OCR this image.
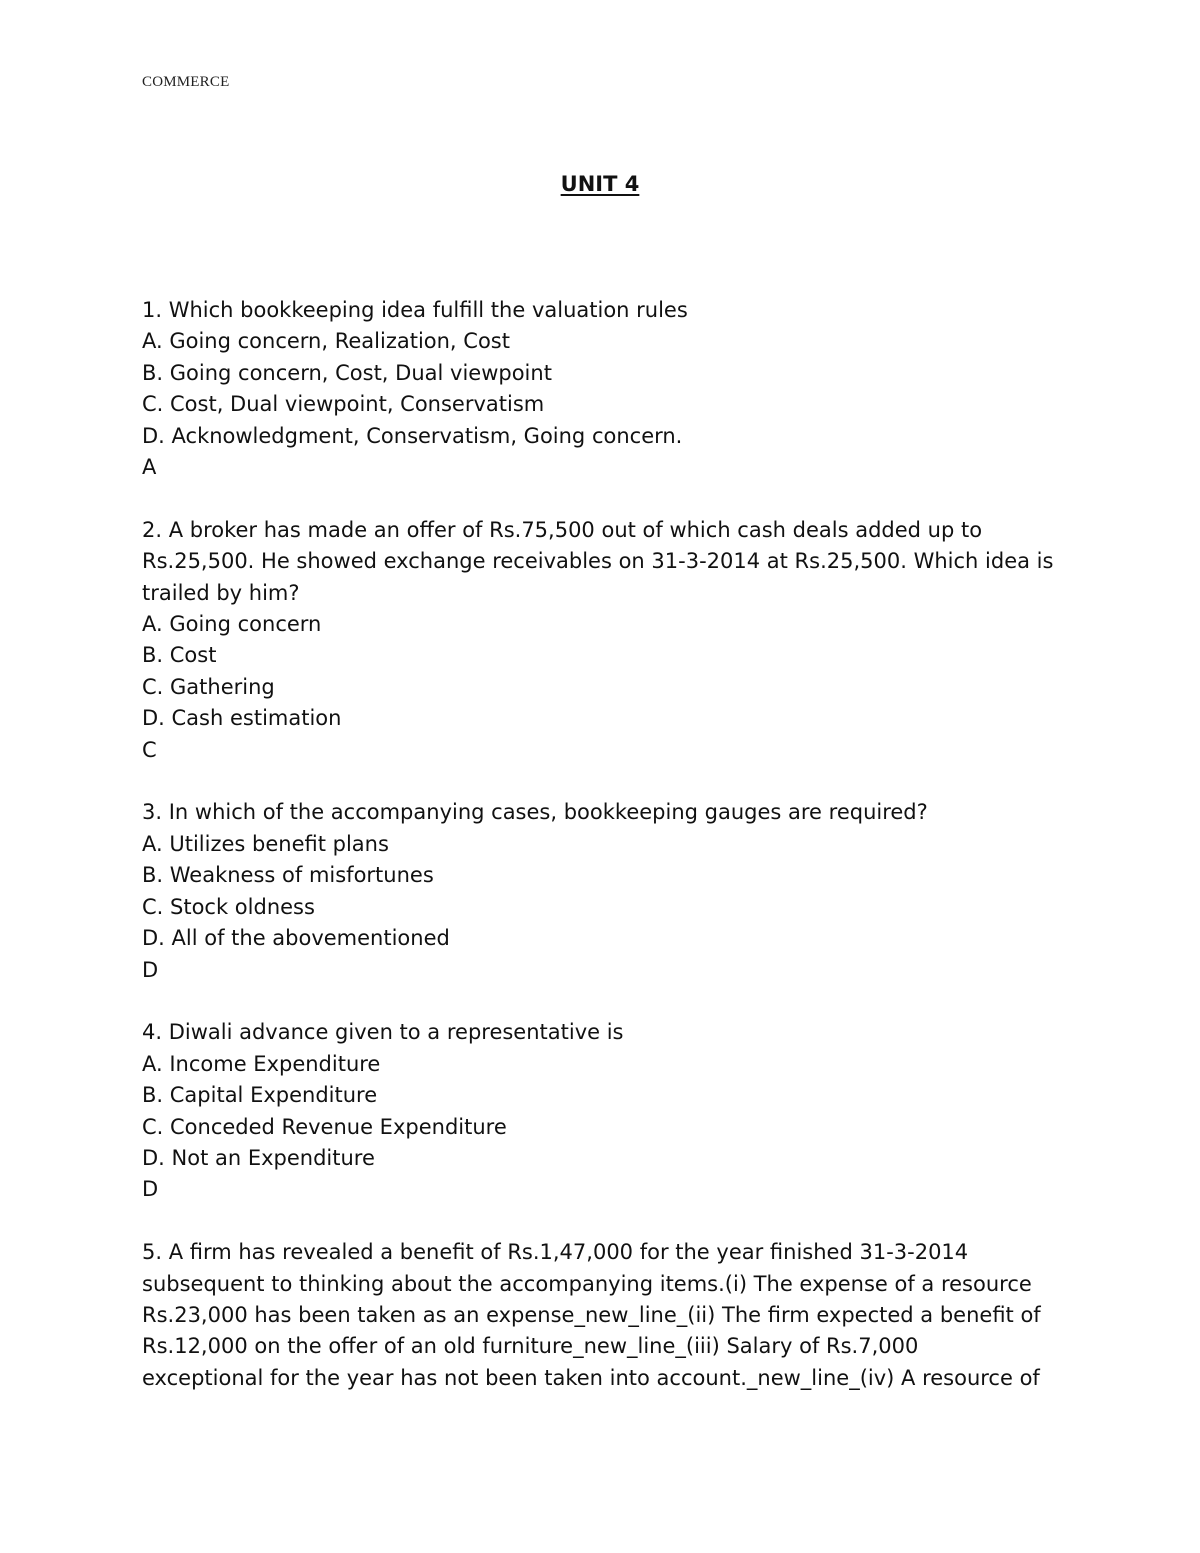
COMMERCE
UNIT 4
1. Which bookkeeping idea fulfill the valuation rules
A. Going concern, Realization, Cost
B. Going concern, Cost, Dual viewpoint
C. Cost, Dual viewpoint, Conservatism
D. Acknowledgment, Conservatism, Going concern.
A
2. A broker has made an offer of Rs.75,500 out of which cash deals added up to
Rs.25,500. He showed exchange receivables on 31-3-2014 at Rs.25,500. Which idea is
trailed by him?
A. Going concern
B. Cost
C. Gathering
D. Cash estimation
C
3. In which of the accompanying cases, bookkeeping gauges are required?
A. Utilizes benefit plans
B. Weakness of misfortunes
C. Stock oldness
D. All of the abovementioned
D
4. Diwali advance given to a representative is
A. Income Expenditure
B. Capital Expenditure
C. Conceded Revenue Expenditure
D. Not an Expenditure
D
5. A firm has revealed a benefit of Rs.1,47,000 for the year finished 31-3-2014
subsequent to thinking about the accompanying items.(i) The expense of a resource
Rs.23,000 has been taken as an expense_new_line_(ii) The firm expected a benefit of
Rs.12,000 on the offer of an old furniture_new_line_(iii) Salary of Rs.7,000
exceptional for the year has not been taken into account._new_line_(iv) A resource of
